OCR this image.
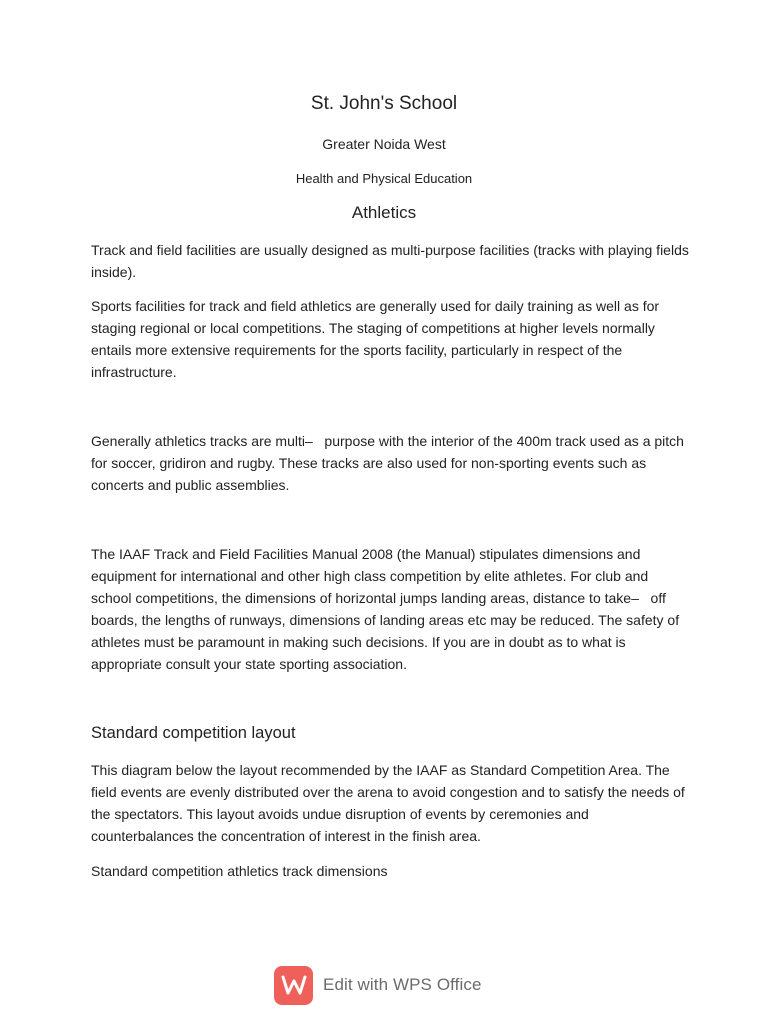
St. John's School

Greater Noida West

Health and Physical Education

Athletics

Track and field facilities are usually designed as multi-purpose facilities (tracks with playing fields inside).

Sports facilities for track and field athletics are generally used for daily training as well as for staging regional or local competitions. The staging of competitions at higher levels normally entails more extensive requirements for the sports facility, particularly in respect of the infrastructure.

Generally athletics tracks are multi–   purpose with the interior of the 400m track used as a pitch for soccer, gridiron and rugby. These tracks are also used for non-sporting events such as concerts and public assemblies.

The IAAF Track and Field Facilities Manual 2008 (the Manual) stipulates dimensions and equipment for international and other high class competition by elite athletes. For club and school competitions, the dimensions of horizontal jumps landing areas, distance to take–   off boards, the lengths of runways, dimensions of landing areas etc may be reduced. The safety of athletes must be paramount in making such decisions. If you are in doubt as to what is appropriate consult your state sporting association.

Standard competition layout

This diagram below the layout recommended by the IAAF as Standard Competition Area. The field events are evenly distributed over the arena to avoid congestion and to satisfy the needs of the spectators. This layout avoids undue disruption of events by ceremonies and counterbalances the concentration of interest in the finish area.

Standard competition athletics track dimensions

Edit with WPS Office
